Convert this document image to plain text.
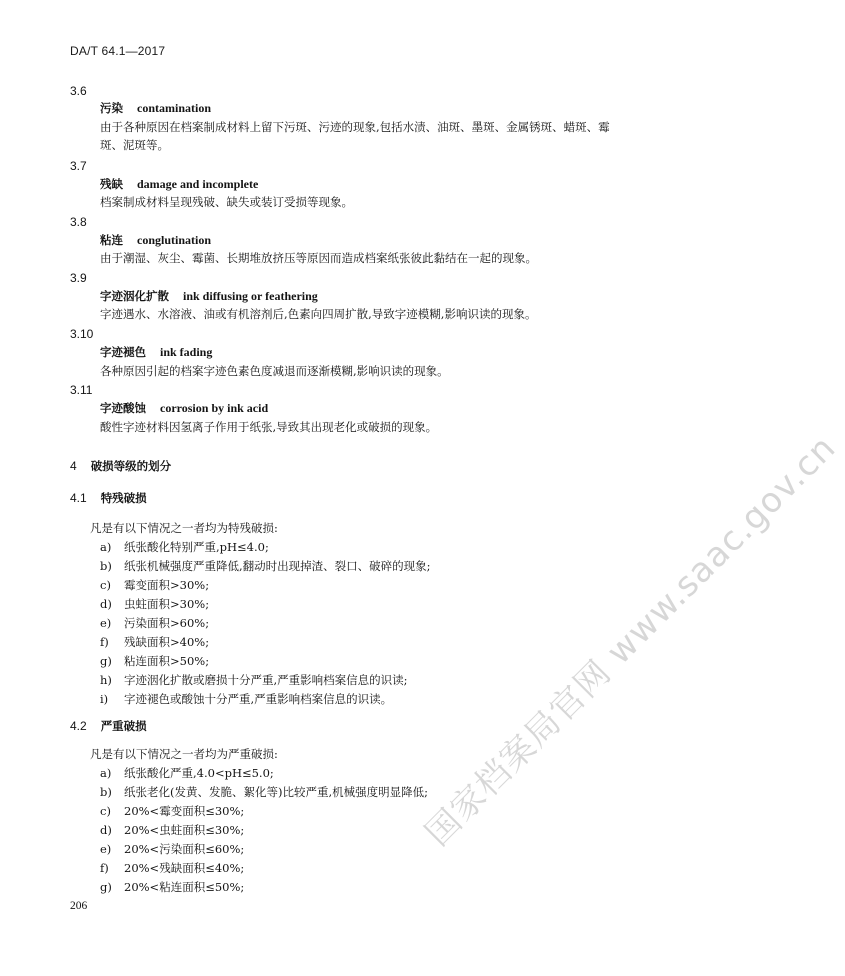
DA/T 64.1—2017
3.6
污染 contamination
由于各种原因在档案制成材料上留下污斑、污迹的现象,包括水渍、油斑、墨斑、金属锈斑、蜡斑、霉
斑、泥斑等。
3.7
残缺 damage and incomplete
档案制成材料呈现残破、缺失或装订受损等现象。
3.8
粘连 conglutination
由于潮湿、灰尘、霉菌、长期堆放挤压等原因而造成档案纸张彼此黏结在一起的现象。
3.9
字迹洇化扩散 ink diffusing or feathering
字迹遇水、水溶液、油或有机溶剂后,色素向四周扩散,导致字迹模糊,影响识读的现象。
3.10
字迹褪色 ink fading
各种原因引起的档案字迹色素色度减退而逐渐模糊,影响识读的现象。
3.11
字迹酸蚀 corrosion by ink acid
酸性字迹材料因氢离子作用于纸张,导致其出现老化或破损的现象。
4 破损等级的划分
4.1 特残破损
凡是有以下情况之一者均为特残破损:
a) 纸张酸化特别严重,pH≤4.0;
b) 纸张机械强度严重降低,翻动时出现掉渣、裂口、破碎的现象;
c) 霉变面积>30%;
d) 虫蛀面积>30%;
e) 污染面积>60%;
f) 残缺面积>40%;
g) 粘连面积>50%;
h) 字迹洇化扩散或磨损十分严重,严重影响档案信息的识读;
i) 字迹褪色或酸蚀十分严重,严重影响档案信息的识读。
4.2 严重破损
凡是有以下情况之一者均为严重破损:
a) 纸张酸化严重,4.0<pH≤5.0;
b) 纸张老化(发黄、发脆、絮化等)比较严重,机械强度明显降低;
c) 20%<霉变面积≤30%;
d) 20%<虫蛀面积≤30%;
e) 20%<污染面积≤60%;
f) 20%<残缺面积≤40%;
g) 20%<粘连面积≤50%;
206
国家档案局官网 www.saac.gov.cn
